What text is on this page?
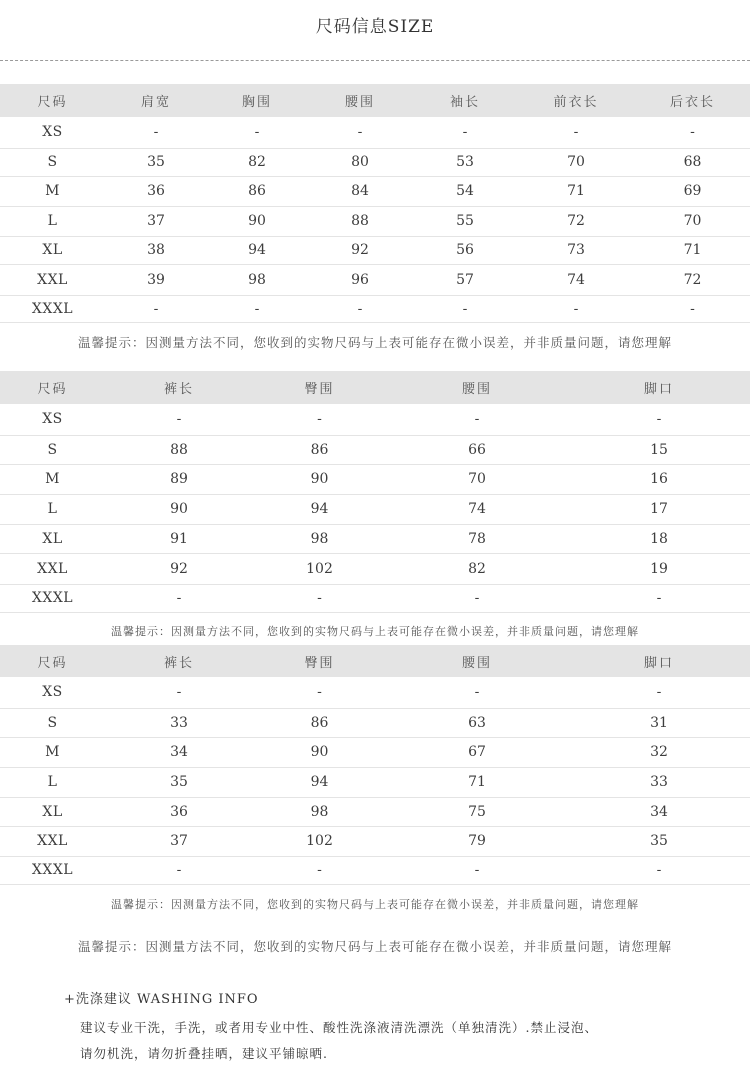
尺码信息SIZE
尺码	肩宽	胸围	腰围	袖长	前衣长	后衣长
XS	-	-	-	-	-	-
S	35	82	80	53	70	68
M	36	86	84	54	71	69
L	37	90	88	55	72	70
XL	38	94	92	56	73	71
XXL	39	98	96	57	74	72
XXXL	-	-	-	-	-	-
温馨提示：因测量方法不同，您收到的实物尺码与上表可能存在微小误差，并非质量问题，请您理解
尺码	裤长	臀围	腰围	脚口
XS	-	-	-	-
S	88	86	66	15
M	89	90	70	16
L	90	94	74	17
XL	91	98	78	18
XXL	92	102	82	19
XXXL	-	-	-	-
温馨提示：因测量方法不同，您收到的实物尺码与上表可能存在微小误差，并非质量问题，请您理解
尺码	裤长	臀围	腰围	脚口
XS	-	-	-	-
S	33	86	63	31
M	34	90	67	32
L	35	94	71	33
XL	36	98	75	34
XXL	37	102	79	35
XXXL	-	-	-	-
温馨提示：因测量方法不同，您收到的实物尺码与上表可能存在微小误差，并非质量问题，请您理解
温馨提示：因测量方法不同，您收到的实物尺码与上表可能存在微小误差，并非质量问题，请您理解
+洗涤建议 WASHING INFO
建议专业干洗，手洗，或者用专业中性、酸性洗涤液清洗漂洗（单独清洗）.禁止浸泡、
请勿机洗，请勿折叠挂晒，建议平铺晾晒.
